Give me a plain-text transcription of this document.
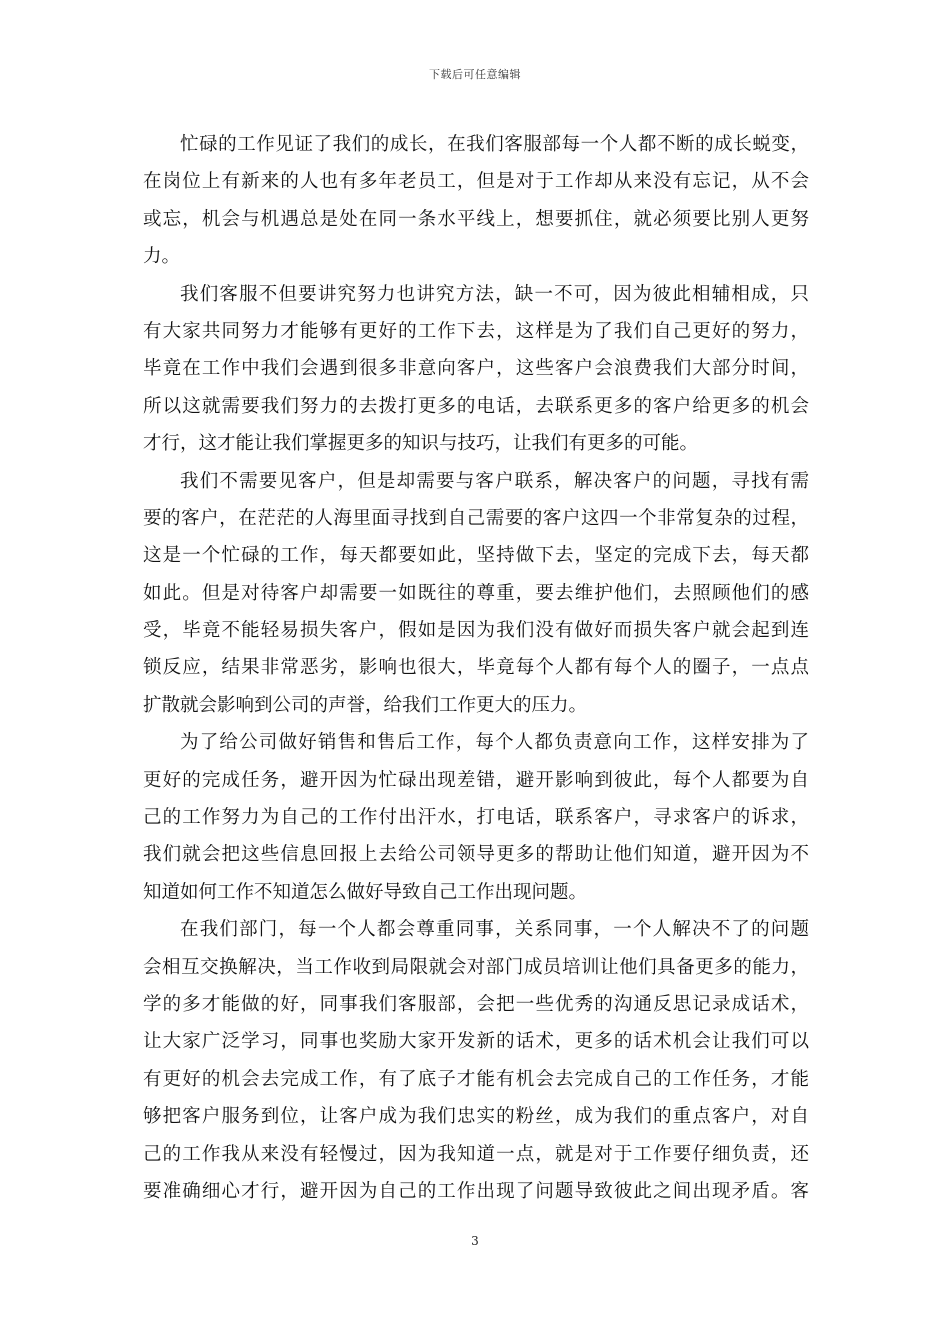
下载后可任意编辑
忙碌的工作见证了我们的成长，在我们客服部每一个人都不断的成长蜕变，
在岗位上有新来的人也有多年老员工，但是对于工作却从来没有忘记，从不会
或忘，机会与机遇总是处在同一条水平线上，想要抓住，就必须要比别人更努
力。
我们客服不但要讲究努力也讲究方法，缺一不可，因为彼此相辅相成，只
有大家共同努力才能够有更好的工作下去，这样是为了我们自己更好的努力，
毕竟在工作中我们会遇到很多非意向客户，这些客户会浪费我们大部分时间，
所以这就需要我们努力的去拨打更多的电话，去联系更多的客户给更多的机会
才行，这才能让我们掌握更多的知识与技巧，让我们有更多的可能。
我们不需要见客户，但是却需要与客户联系，解决客户的问题，寻找有需
要的客户，在茫茫的人海里面寻找到自己需要的客户这四一个非常复杂的过程，
这是一个忙碌的工作，每天都要如此，坚持做下去，坚定的完成下去，每天都
如此。但是对待客户却需要一如既往的尊重，要去维护他们，去照顾他们的感
受，毕竟不能轻易损失客户，假如是因为我们没有做好而损失客户就会起到连
锁反应，结果非常恶劣，影响也很大，毕竟每个人都有每个人的圈子，一点点
扩散就会影响到公司的声誉，给我们工作更大的压力。
为了给公司做好销售和售后工作，每个人都负责意向工作，这样安排为了
更好的完成任务，避开因为忙碌出现差错，避开影响到彼此，每个人都要为自
己的工作努力为自己的工作付出汗水，打电话，联系客户，寻求客户的诉求，
我们就会把这些信息回报上去给公司领导更多的帮助让他们知道，避开因为不
知道如何工作不知道怎么做好导致自己工作出现问题。
在我们部门，每一个人都会尊重同事，关系同事，一个人解决不了的问题
会相互交换解决，当工作收到局限就会对部门成员培训让他们具备更多的能力，
学的多才能做的好，同事我们客服部，会把一些优秀的沟通反思记录成话术，
让大家广泛学习，同事也奖励大家开发新的话术，更多的话术机会让我们可以
有更好的机会去完成工作，有了底子才能有机会去完成自己的工作任务，才能
够把客户服务到位，让客户成为我们忠实的粉丝，成为我们的重点客户，对自
己的工作我从来没有轻慢过，因为我知道一点，就是对于工作要仔细负责，还
要准确细心才行，避开因为自己的工作出现了问题导致彼此之间出现矛盾。客
3
